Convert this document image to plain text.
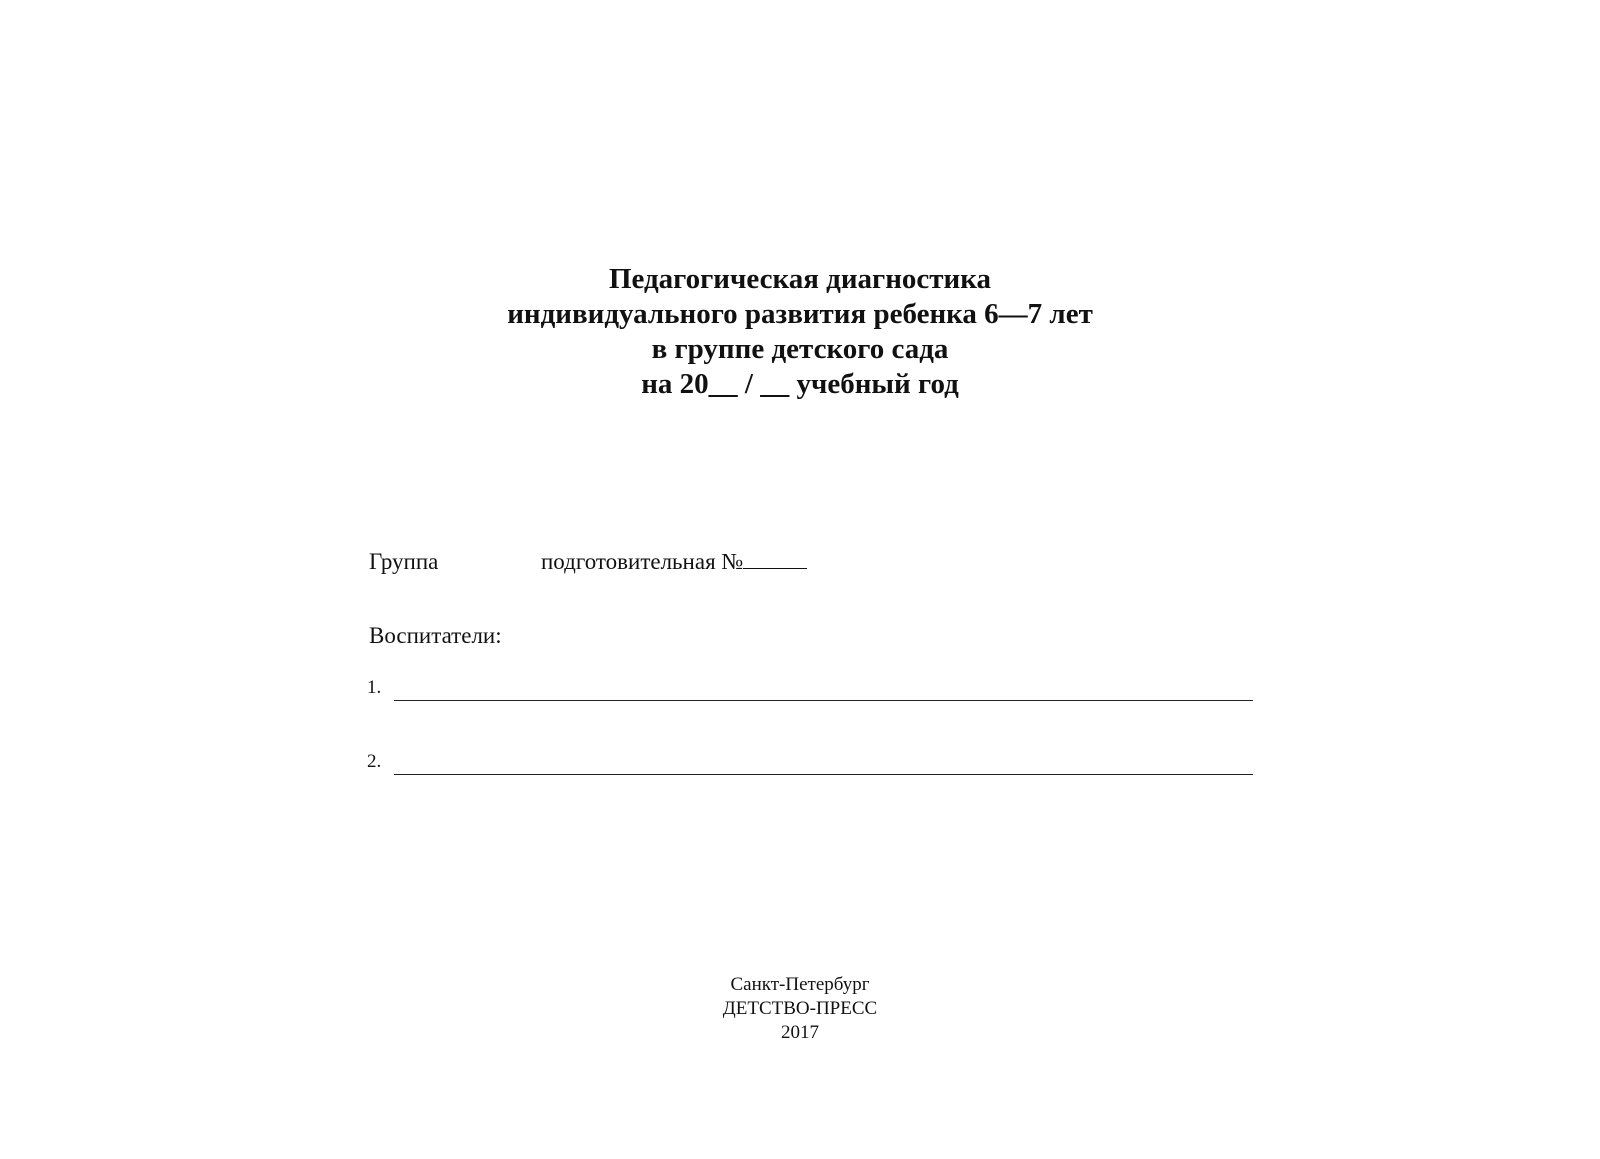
Педагогическая диагностика
индивидуального развития ребенка 6—7 лет
в группе детского сада
на 20__ / __ учебный год

Группа

	подготовительная №

Воспитатели:
1.
2.
Санкт-Петербург
ДЕТСТВО-ПРЕСС
2017
